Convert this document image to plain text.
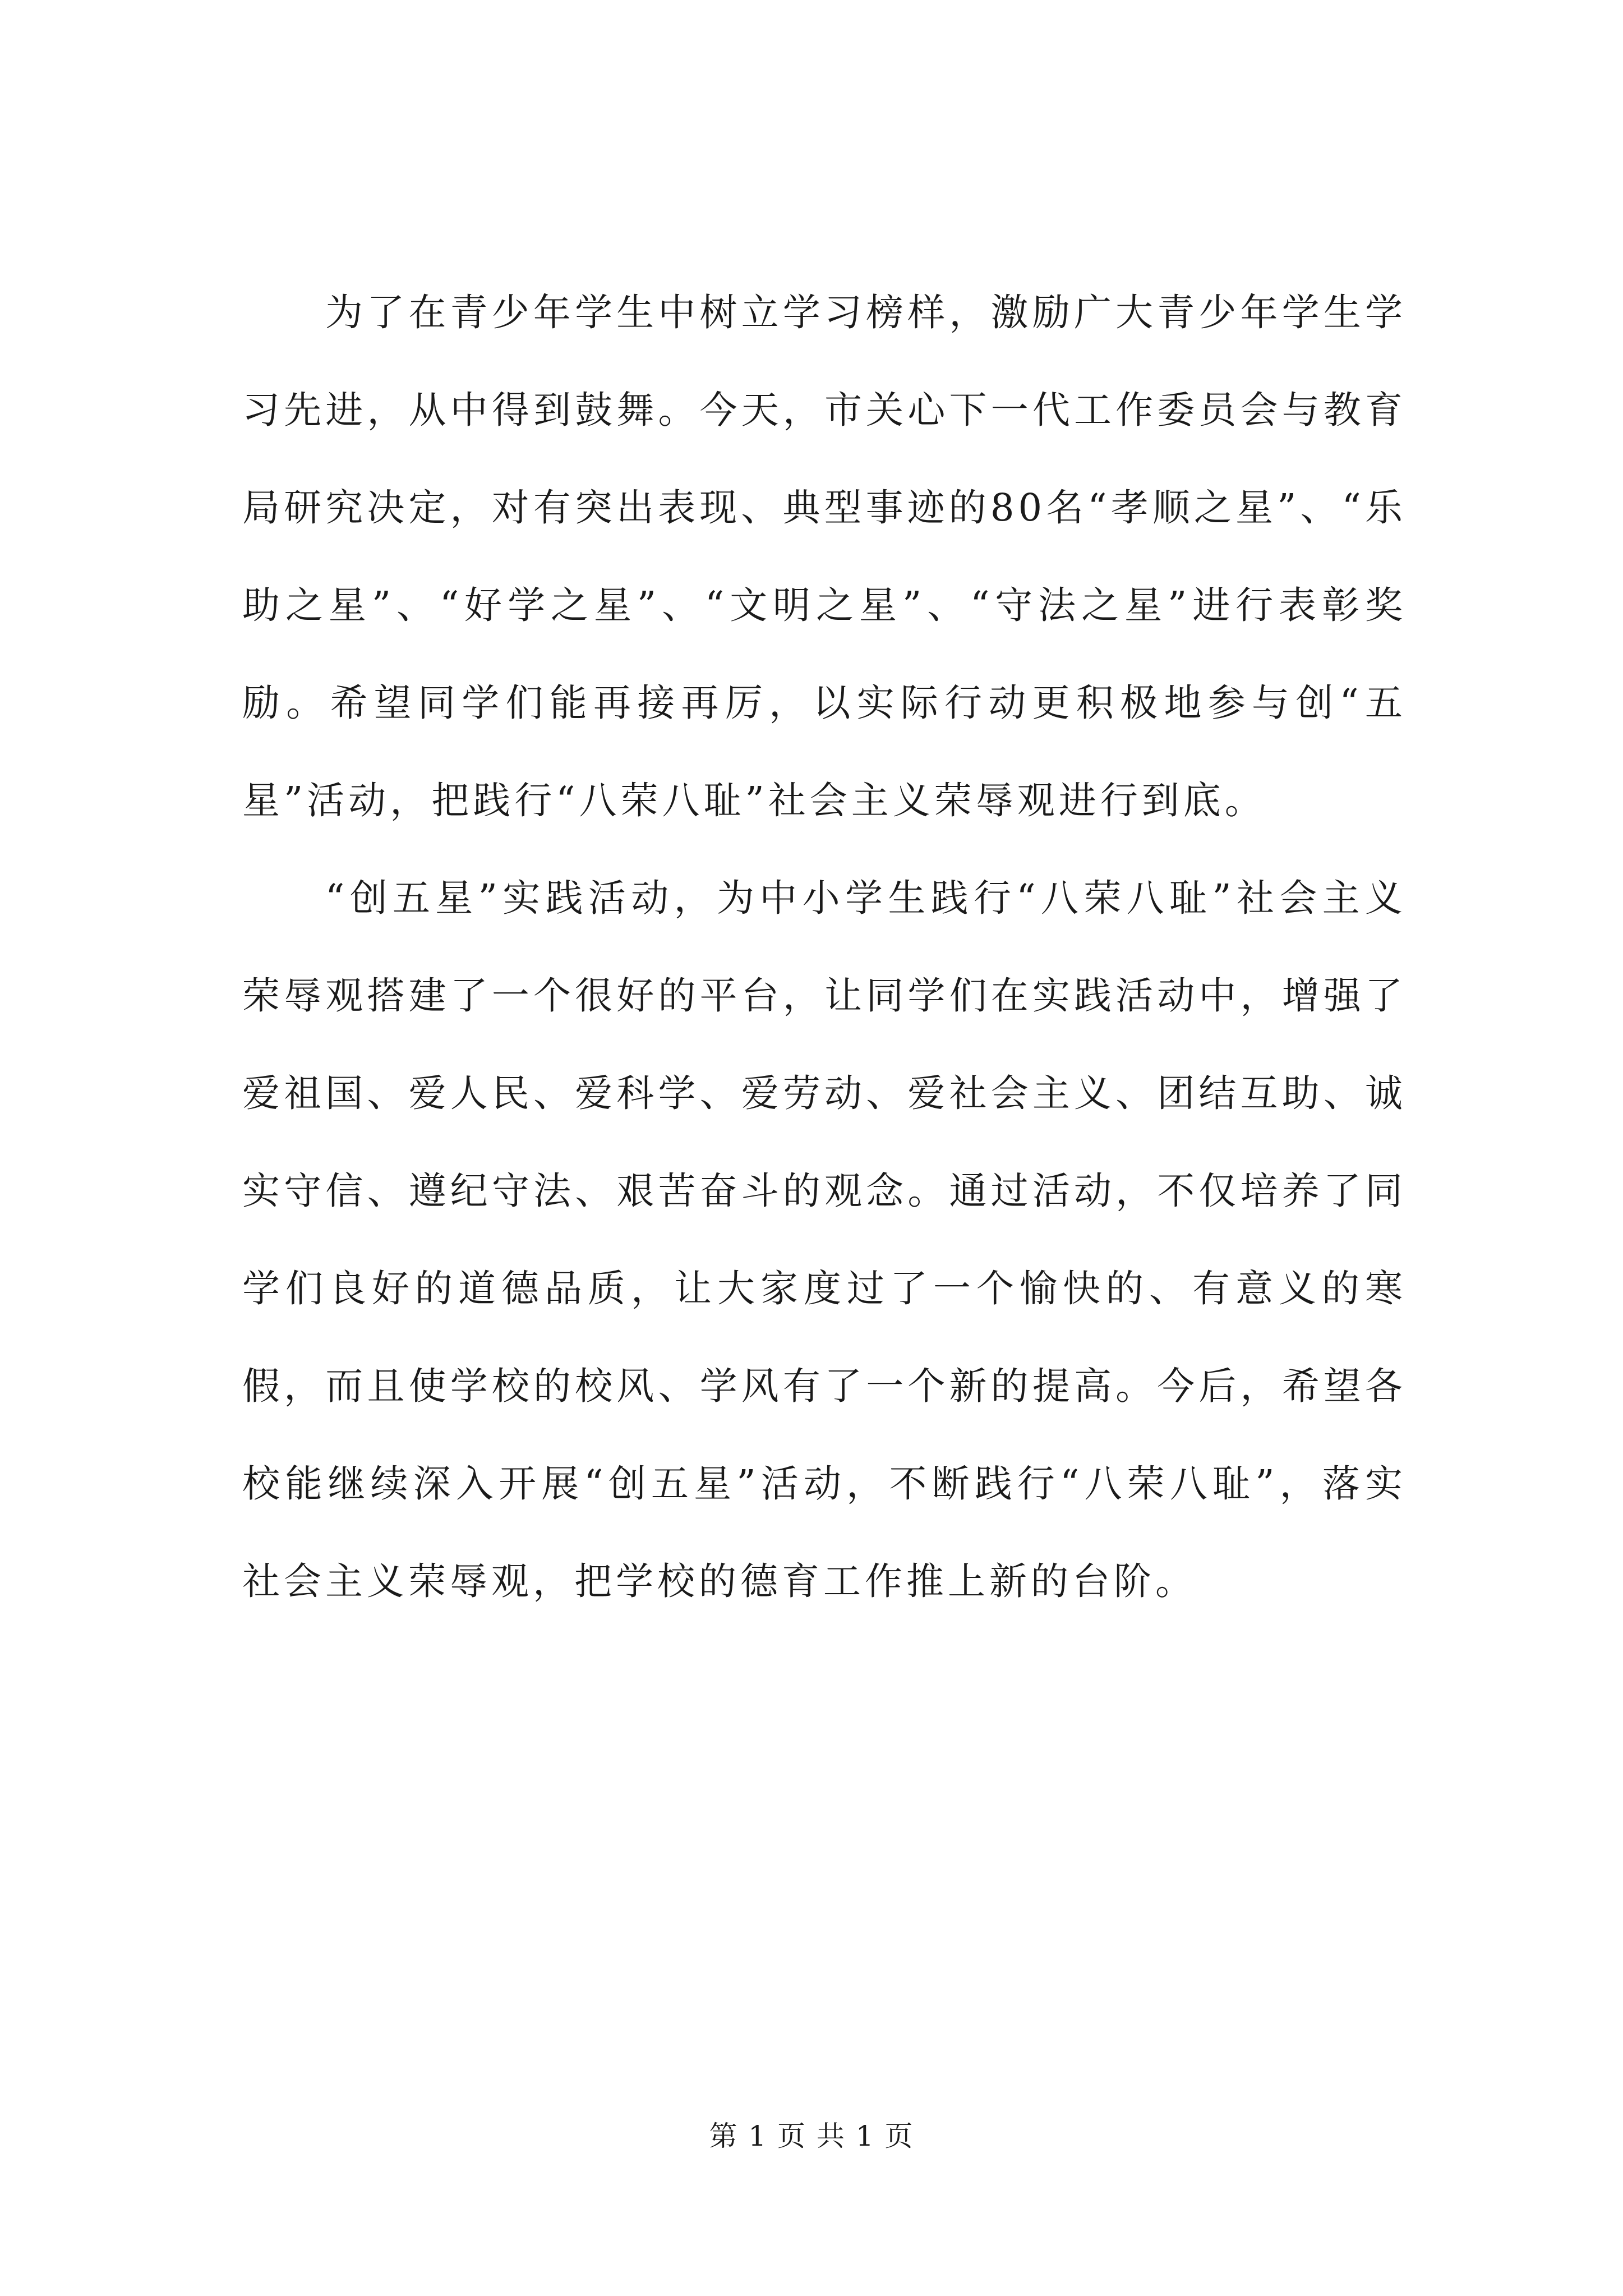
为了在青少年学生中树立学习榜样，激励广大青少年学生学习先进，从中得到鼓舞。今天，市关心下一代工作委员会与教育局研究决定，对有突出表现、典型事迹的80名“孝顺之星”、“乐助之星”、“好学之星”、“文明之星”、“守法之星”进行表彰奖励。希望同学们能再接再厉，以实际行动更积极地参与创“五星”活动，把践行“八荣八耻”社会主义荣辱观进行到底。

“创五星”实践活动，为中小学生践行“八荣八耻”社会主义荣辱观搭建了一个很好的平台，让同学们在实践活动中，增强了爱祖国、爱人民、爱科学、爱劳动、爱社会主义、团结互助、诚实守信、遵纪守法、艰苦奋斗的观念。通过活动，不仅培养了同学们良好的道德品质，让大家度过了一个愉快的、有意义的寒假，而且使学校的校风、学风有了一个新的提高。今后，希望各校能继续深入开展“创五星”活动，不断践行“八荣八耻”，落实社会主义荣辱观，把学校的德育工作推上新的台阶。

第 1 页 共 1 页
